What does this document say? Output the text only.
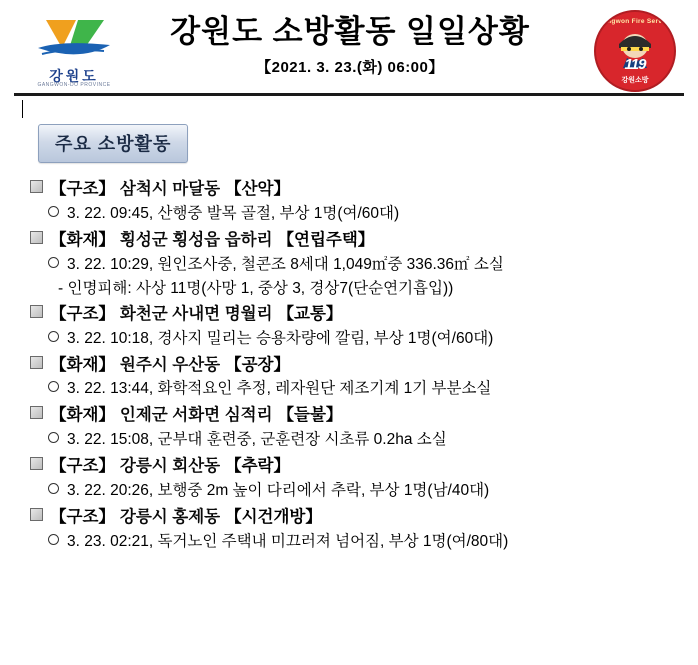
강원도
GANGWON-DO PROVINCE
강원도 소방활동 일일상황
【2021. 3. 23.(화) 06:00】
Gangwon Fire Service
119
강원소방
주요 소방활동
【구조】 삼척시 마달동 【산악】
3. 22. 09:45, 산행중 발목 골절, 부상 1명(여/60대)
【화재】 횡성군 횡성읍 읍하리 【연립주택】
3. 22. 10:29, 원인조사중, 철콘조 8세대 1,049㎡중 336.36㎡ 소실
- 인명피해: 사상 11명(사망 1, 중상 3, 경상7(단순연기흡입))
【구조】 화천군 사내면 명월리 【교통】
3. 22. 10:18, 경사지 밀리는 승용차량에 깔림, 부상 1명(여/60대)
【화재】 원주시 우산동 【공장】
3. 22. 13:44, 화학적요인 추정, 레자원단 제조기계 1기 부분소실
【화재】 인제군 서화면 심적리 【들불】
3. 22. 15:08, 군부대 훈련중, 군훈련장 시초류 0.2ha 소실
【구조】 강릉시 회산동 【추락】
3. 22. 20:26, 보행중 2m 높이 다리에서 추락, 부상 1명(남/40대)
【구조】 강릉시 홍제동 【시건개방】
3. 23. 02:21, 독거노인 주택내 미끄러져 넘어짐, 부상 1명(여/80대)
